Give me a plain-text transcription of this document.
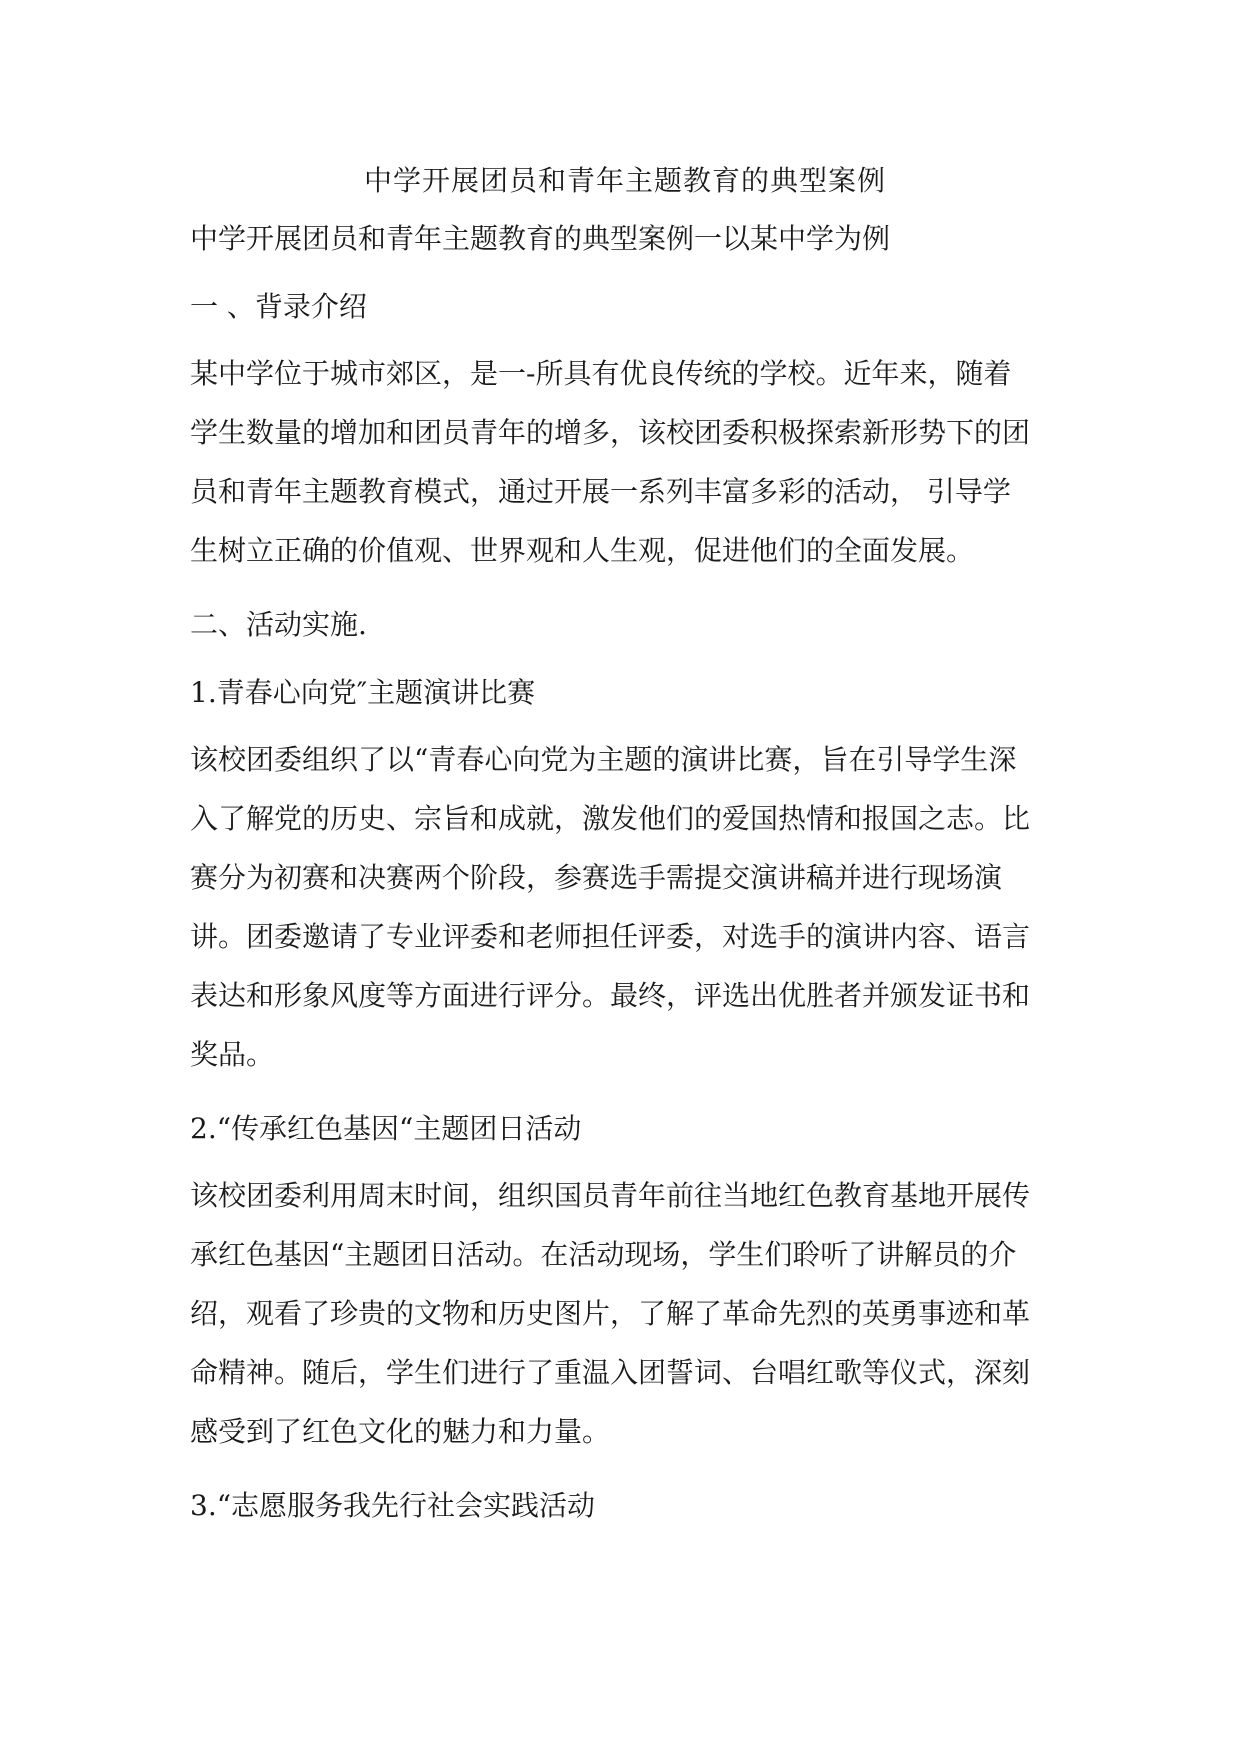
中学开展团员和青年主题教育的典型案例
中学开展团员和青年主题教育的典型案例一以某中学为例
一 、背录介绍

某中学位于城市郊区，是一-所具有优良传统的学校。近年来，随着
学生数量的增加和团员青年的增多，该校团委积极探索新形势下的团
员和青年主题教育模式，通过开展一系列丰富多彩的活动， 引导学
生树立正确的价值观、世界观和人生观，促进他们的全面发展。

二、活动实施.
1.青春心向党″主题演讲比赛

该校团委组织了以“青春心向党为主题的演讲比赛，旨在引导学生深
入了解党的历史、宗旨和成就，激发他们的爱国热情和报国之志。比
赛分为初赛和决赛两个阶段，参赛选手需提交演讲稿并进行现场演
讲。团委邀请了专业评委和老师担任评委，对选手的演讲内容、语言
表达和形象风度等方面进行评分。最终，评选出优胜者并颁发证书和
奖品。

2.“传承红色基因“主题团日活动

该校团委利用周末时间，组织国员青年前往当地红色教育基地开展传
承红色基因“主题团日活动。在活动现场，学生们聆听了讲解员的介
绍，观看了珍贵的文物和历史图片，了解了革命先烈的英勇事迹和革
命精神。随后，学生们进行了重温入团誓词、台唱红歌等仪式，深刻
感受到了红色文化的魅力和力量。

3.“志愿服务我先行社会实践活动
